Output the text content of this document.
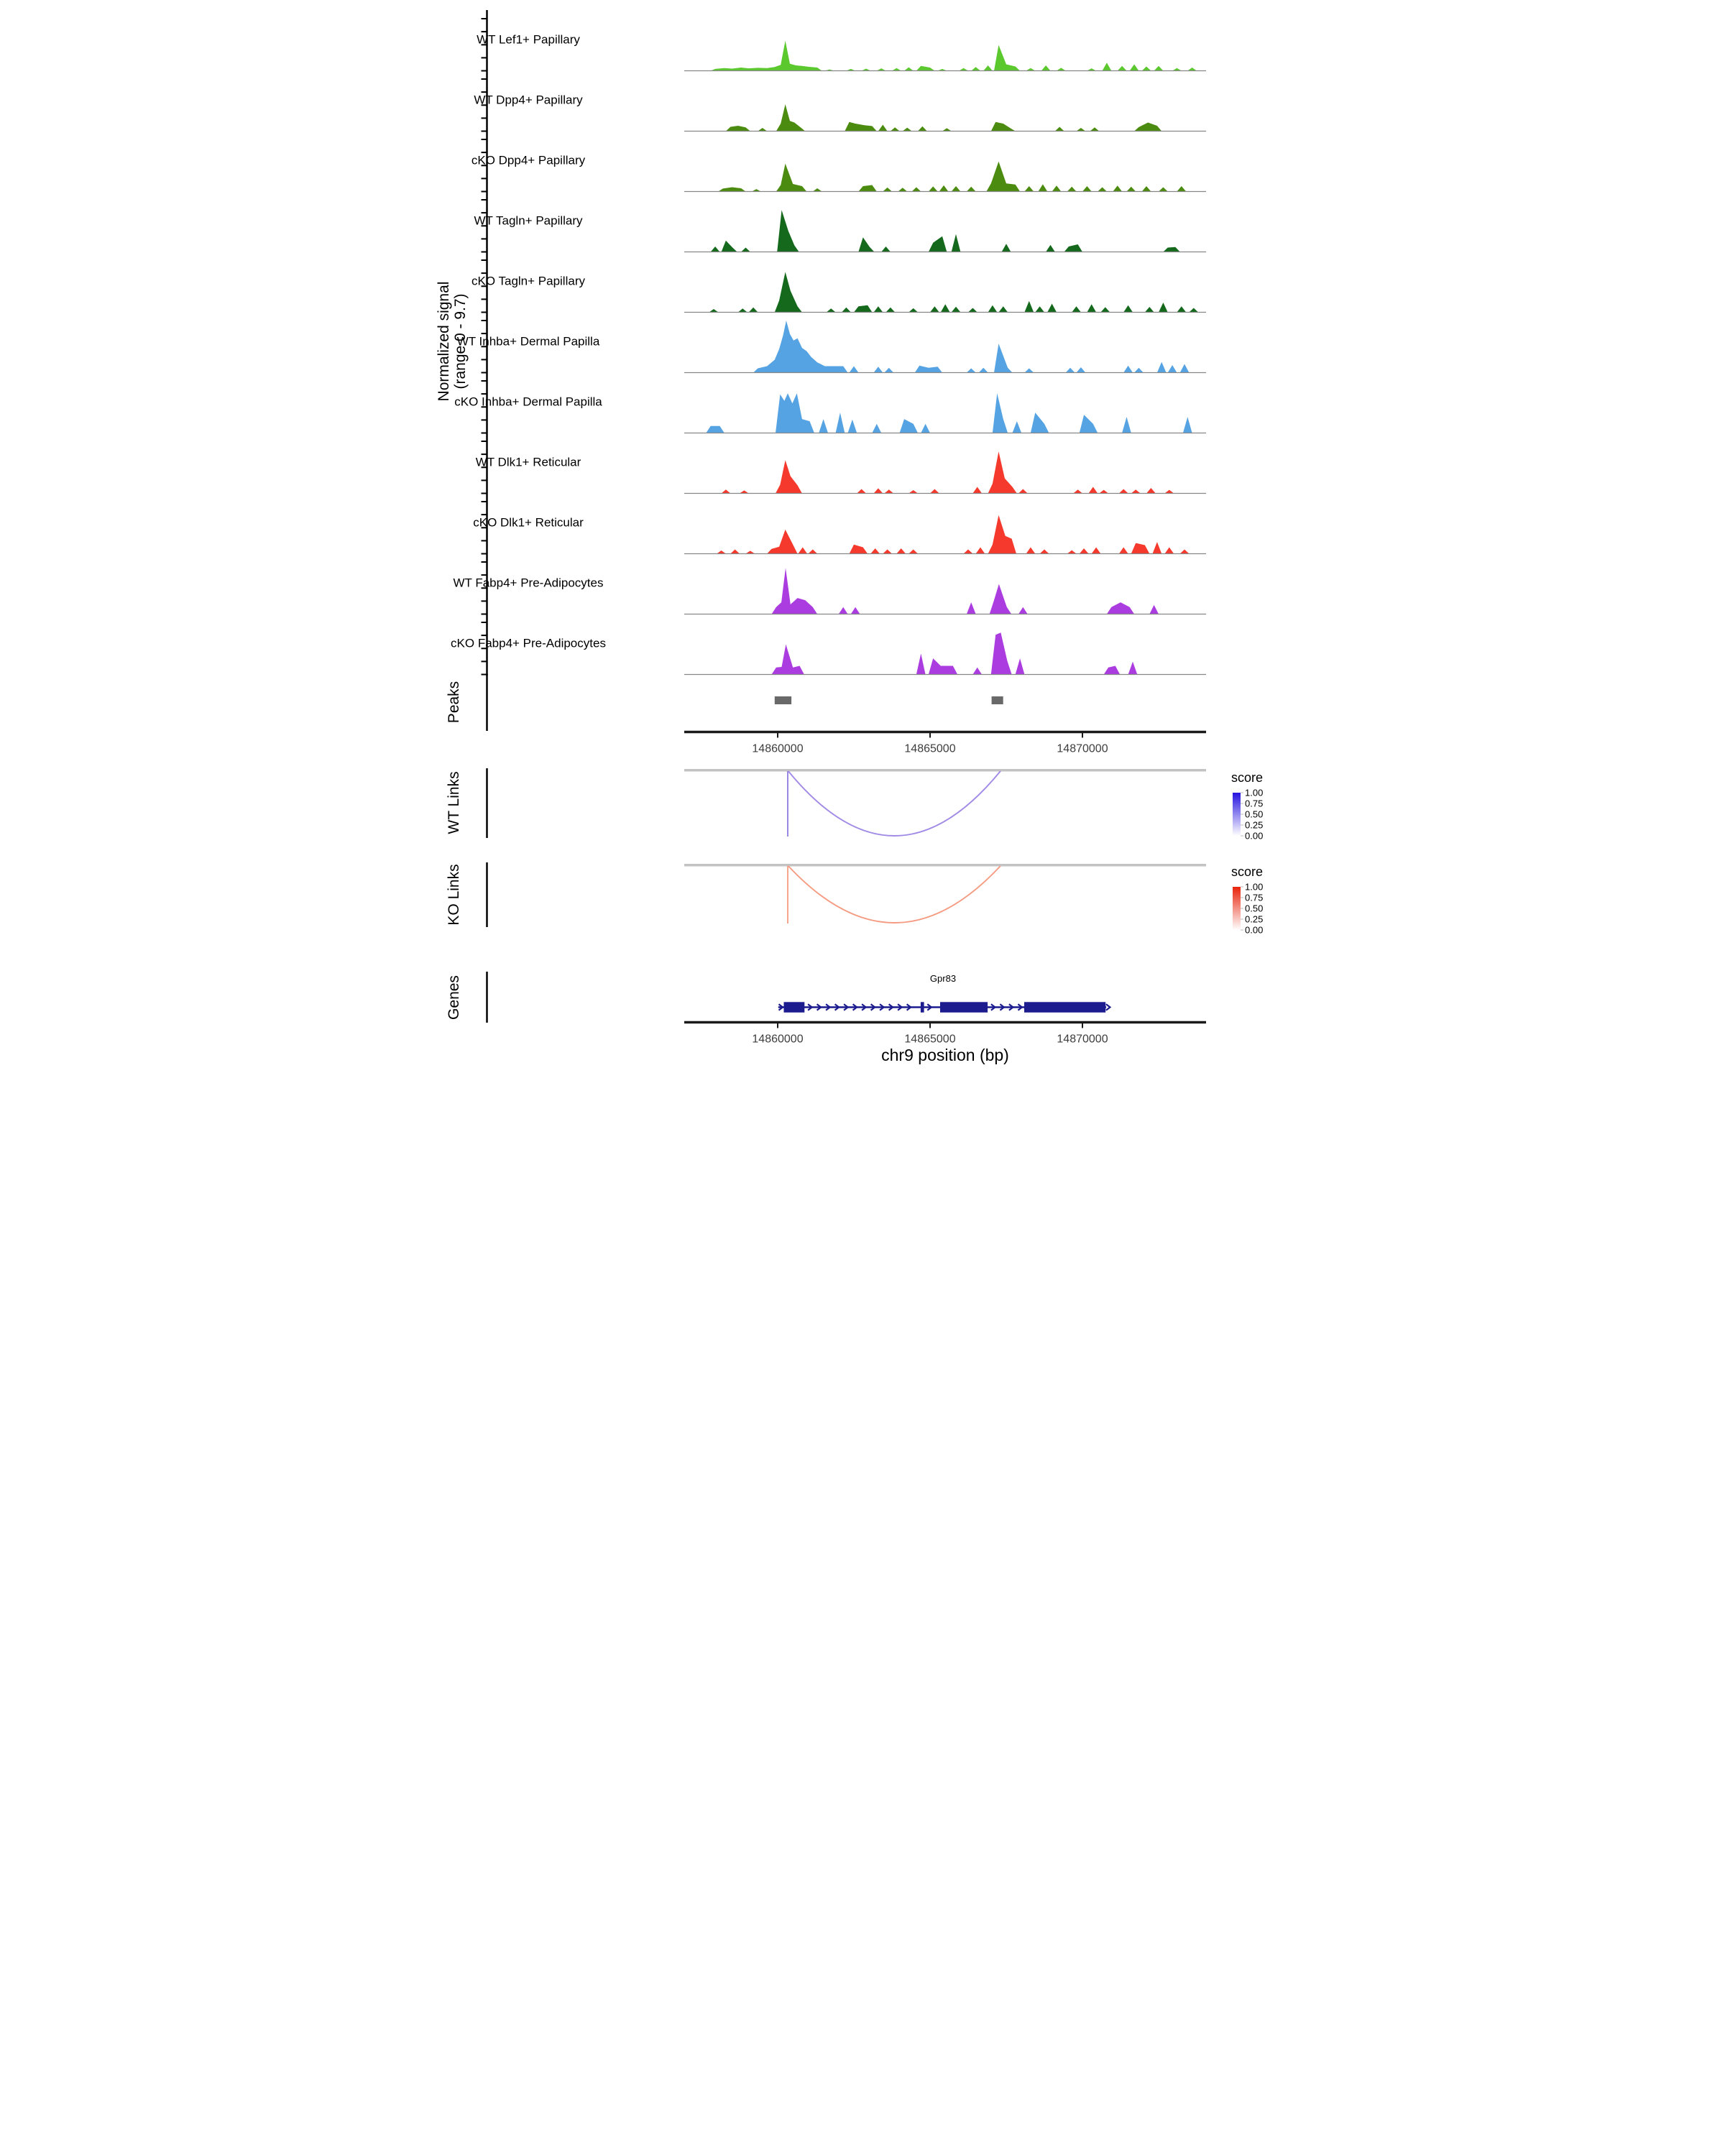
Normalized signal (range 0 - 9.7)
WT Lef1+ Papillary
WT Dpp4+ Papillary
cKO Dpp4+ Papillary
WT Tagln+ Papillary
cKO Tagln+ Papillary
WT Inhba+ Dermal Papilla
cKO Inhba+ Dermal Papilla
WT Dlk1+ Reticular
cKO Dlk1+ Reticular
WT Fabp4+ Pre-Adipocytes
cKO Fabp4+ Pre-Adipocytes
Peaks
14860000	14865000	14870000
WT Links	score
1.00
0.75
0.50
0.25
0.00
KO Links	score
1.00
0.75
0.50
0.25
0.00
Genes	Gpr83
14860000	14865000	14870000
chr9 position (bp)
